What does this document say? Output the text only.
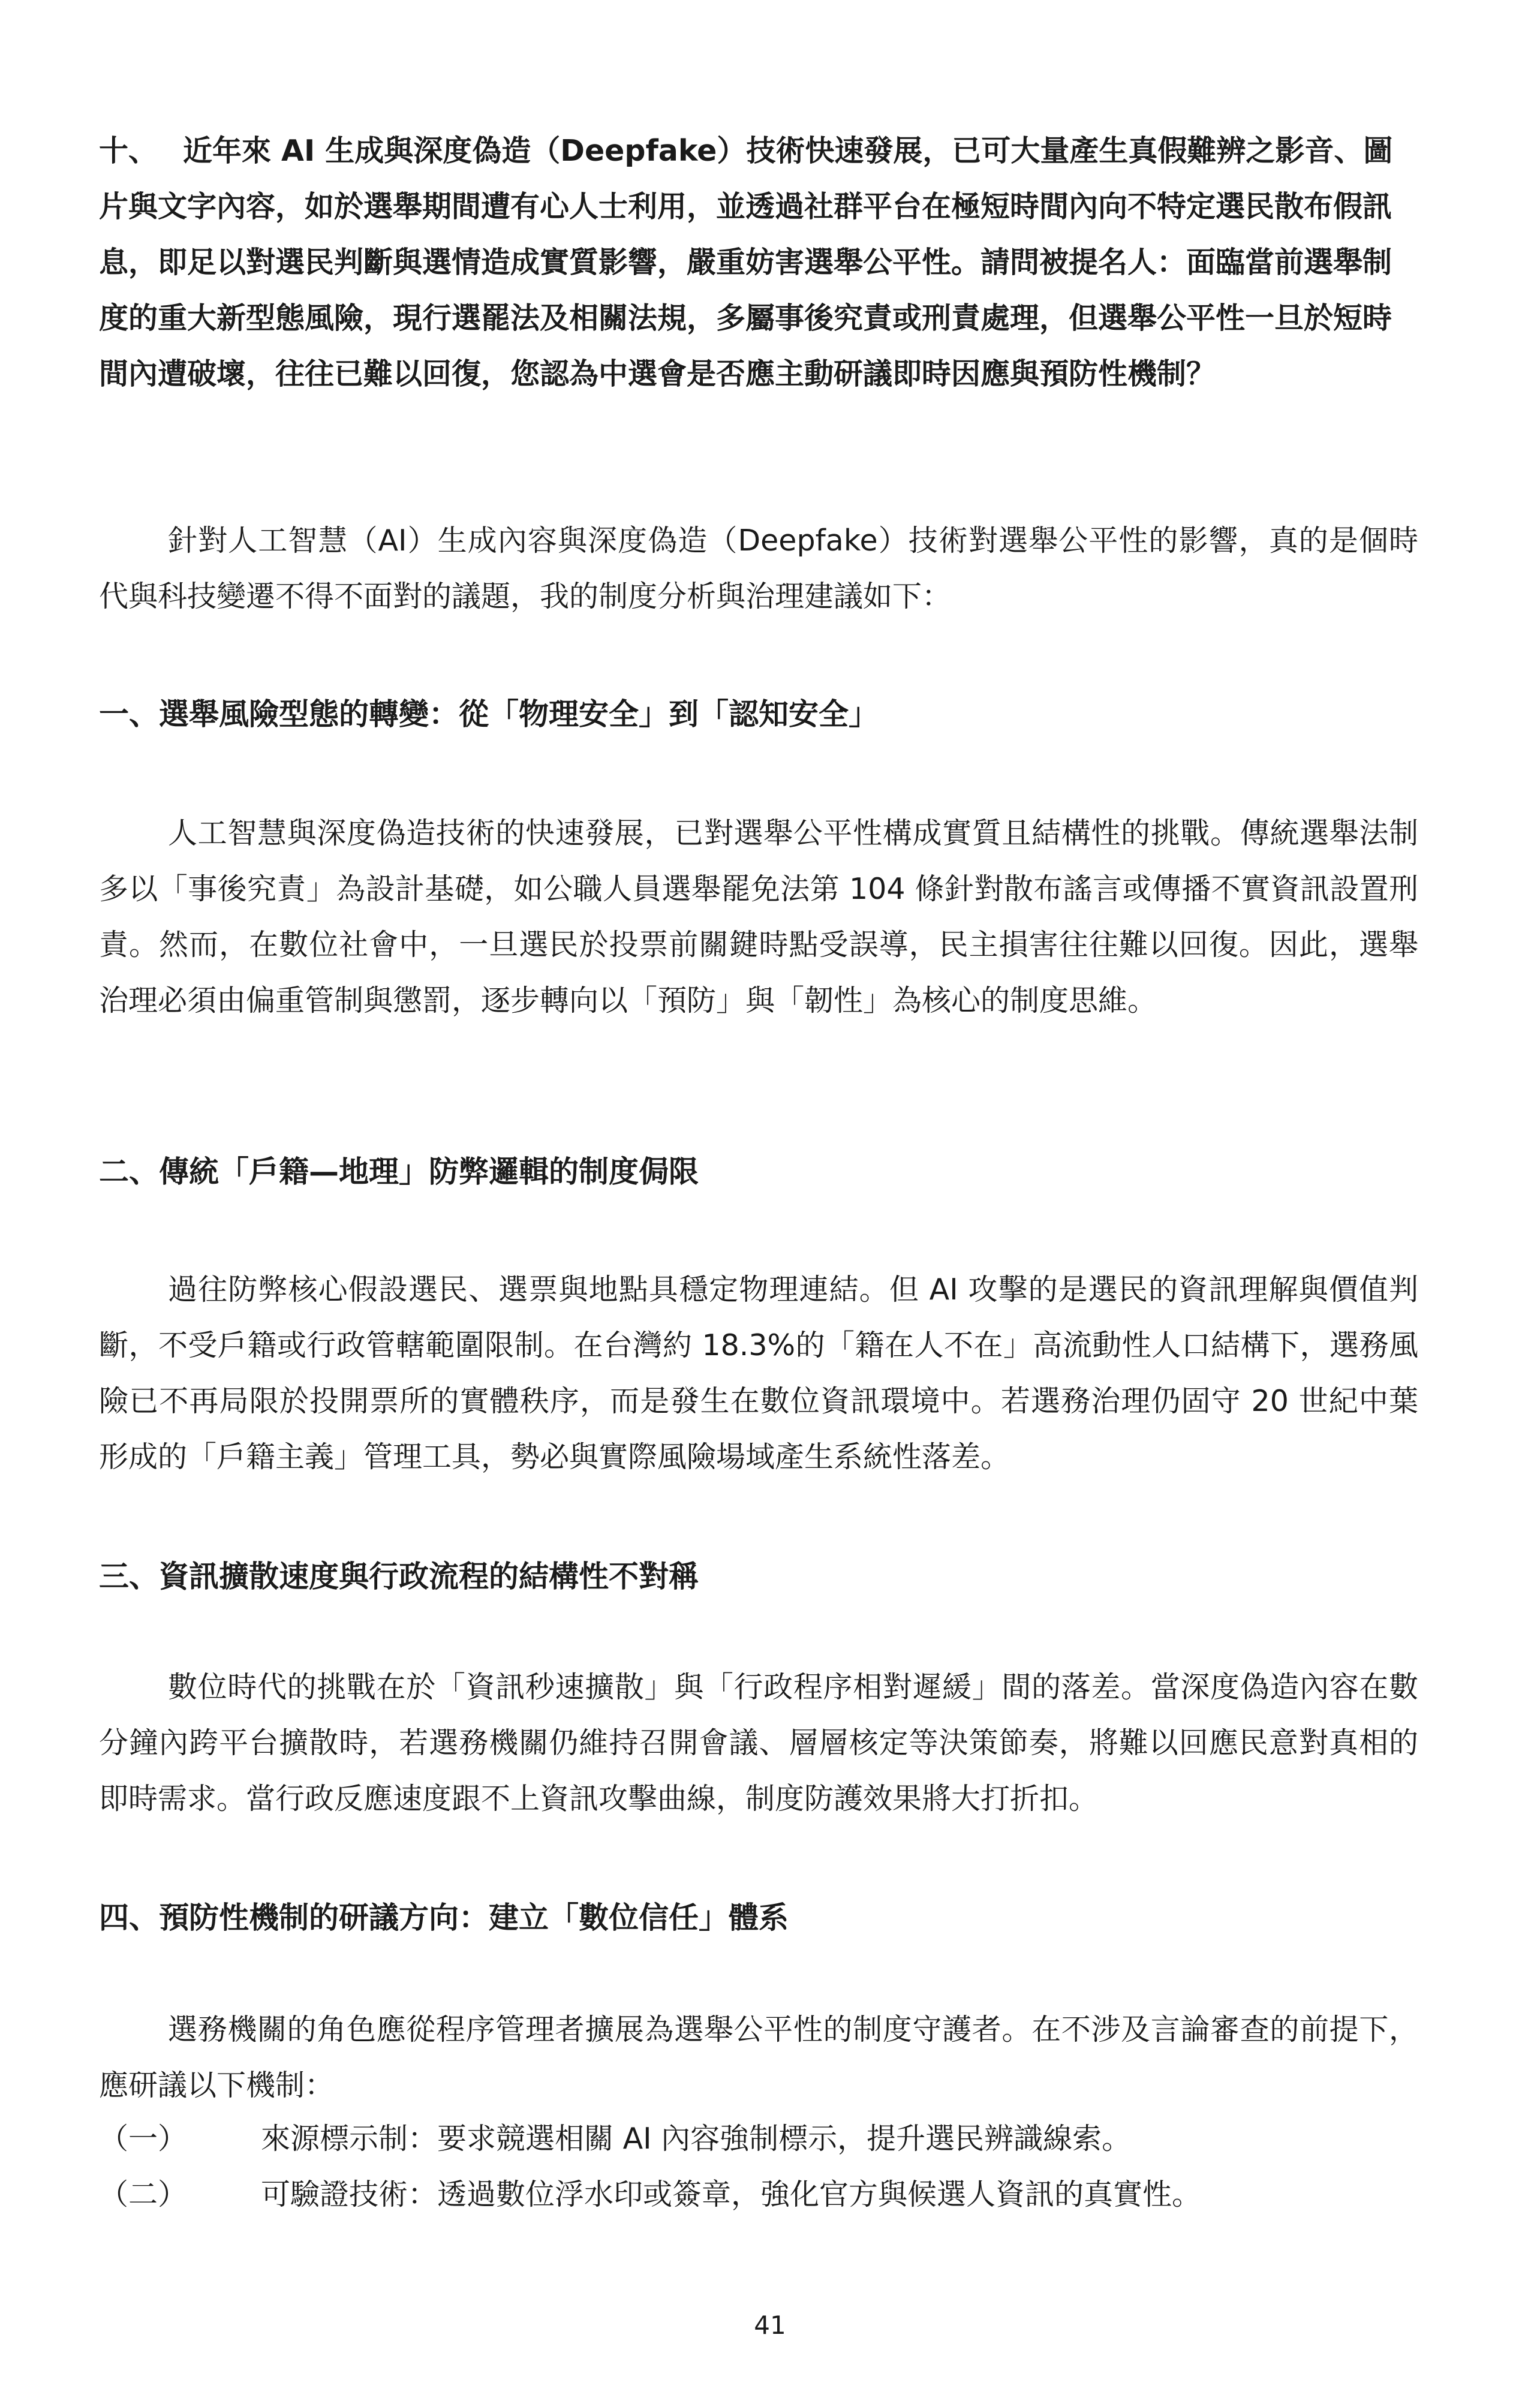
十、 近年來 AI 生成與深度偽造（Deepfake）技術快速發展，已可大量產生真假難辨之影音、圖片與文字內容，如於選舉期間遭有心人士利用，並透過社群平台在極短時間內向不特定選民散布假訊息，即足以對選民判斷與選情造成實質影響，嚴重妨害選舉公平性。請問被提名人：面臨當前選舉制度的重大新型態風險，現行選罷法及相關法規，多屬事後究責或刑責處理，但選舉公平性一旦於短時間內遭破壞，往往已難以回復，您認為中選會是否應主動研議即時因應與預防性機制？

針對人工智慧（AI）生成內容與深度偽造（Deepfake）技術對選舉公平性的影響，真的是個時代與科技變遷不得不面對的議題，我的制度分析與治理建議如下：

一、選舉風險型態的轉變：從「物理安全」到「認知安全」

人工智慧與深度偽造技術的快速發展，已對選舉公平性構成實質且結構性的挑戰。傳統選舉法制多以「事後究責」為設計基礎，如公職人員選舉罷免法第 104 條針對散布謠言或傳播不實資訊設置刑責。然而，在數位社會中，一旦選民於投票前關鍵時點受誤導，民主損害往往難以回復。因此，選舉治理必須由偏重管制與懲罰，逐步轉向以「預防」與「韌性」為核心的制度思維。

二、傳統「戶籍—地理」防弊邏輯的制度侷限

過往防弊核心假設選民、選票與地點具穩定物理連結。但 AI 攻擊的是選民的資訊理解與價值判斷，不受戶籍或行政管轄範圍限制。在台灣約 18.3%的「籍在人不在」高流動性人口結構下，選務風險已不再局限於投開票所的實體秩序，而是發生在數位資訊環境中。若選務治理仍固守 20 世紀中葉形成的「戶籍主義」管理工具，勢必與實際風險場域產生系統性落差。

三、資訊擴散速度與行政流程的結構性不對稱

數位時代的挑戰在於「資訊秒速擴散」與「行政程序相對遲緩」間的落差。當深度偽造內容在數分鐘內跨平台擴散時，若選務機關仍維持召開會議、層層核定等決策節奏，將難以回應民意對真相的即時需求。當行政反應速度跟不上資訊攻擊曲線，制度防護效果將大打折扣。

四、預防性機制的研議方向：建立「數位信任」體系

選務機關的角色應從程序管理者擴展為選舉公平性的制度守護者。在不涉及言論審查的前提下，應研議以下機制：

（一）	來源標示制：要求競選相關 AI 內容強制標示，提升選民辨識線索。
（二）	可驗證技術：透過數位浮水印或簽章，強化官方與候選人資訊的真實性。
41
